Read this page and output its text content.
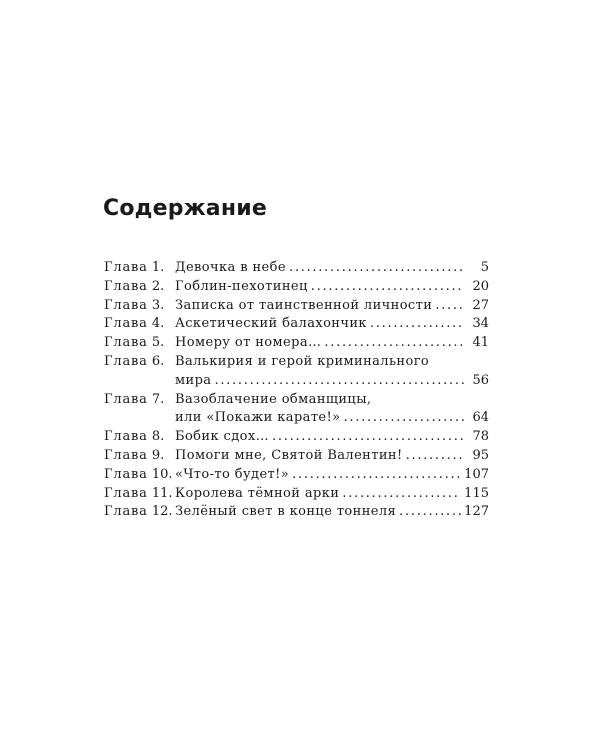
Содержание
Глава 1. Девочка в небе . . .	5
Глава 2. Гоблин-пехотинец . . .	20
Глава 3. Записка от таинственной личности . . .	27
Глава 4. Аскетический балахончик . . .	34
Глава 5. Номеру от номера… . . .	41
Глава 6. Валькирия и герой криминального
мира . . .	56
Глава 7. Вазоблачение обманщицы,
или «Покажи карате!» . . .	64
Глава 8. Бобик сдох… . . .	78
Глава 9. Помоги мне, Святой Валентин! . . .	95
Глава 10. «Что-то будет!» . . .	107
Глава 11. Королева тёмной арки . . .	115
Глава 12. Зелёный свет в конце тоннеля . . .	127
